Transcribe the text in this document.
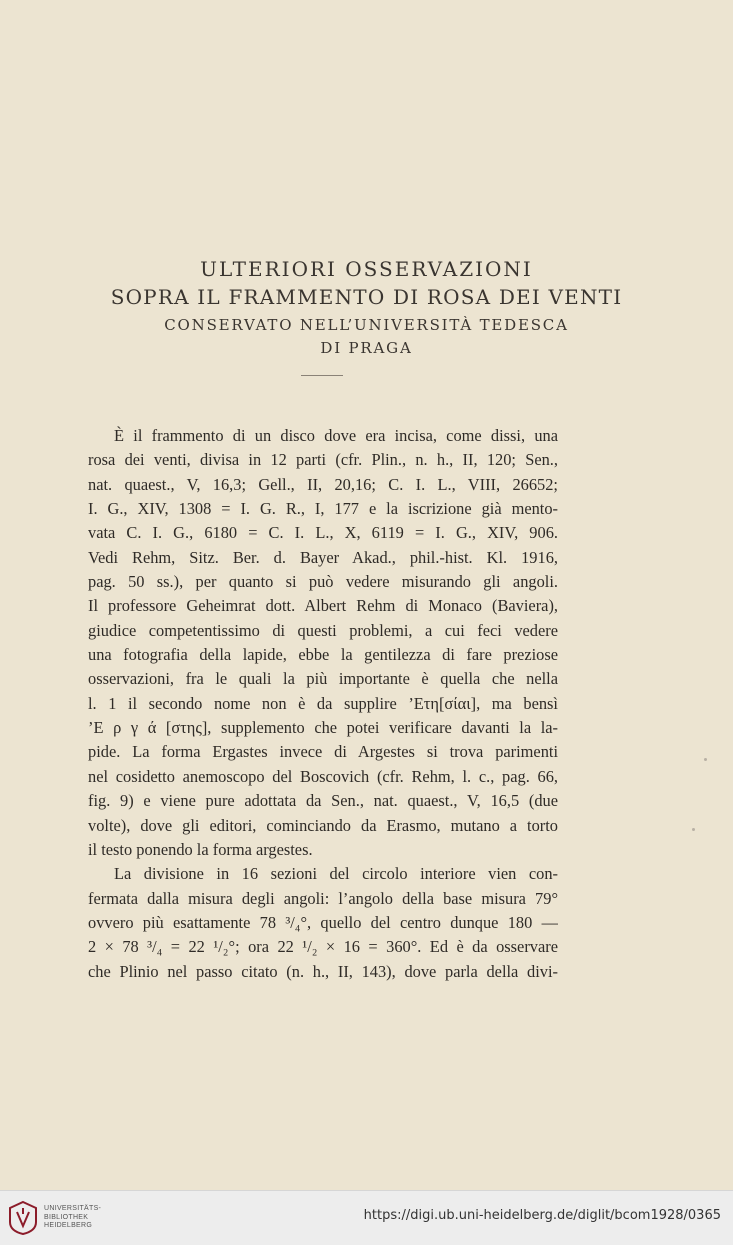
ULTERIORI OSSERVAZIONI
SOPRA IL FRAMMENTO DI ROSA DEI VENTI
CONSERVATO NELL’UNIVERSITÀ TEDESCA
DI PRAGA
È il frammento di un disco dove era incisa, come dissi, una
rosa dei venti, divisa in 12 parti (cfr. Plin., n. h., II, 120; Sen.,
nat. quaest., V, 16,3; Gell., II, 20,16; C. I. L., VIII, 26652;
I. G., XIV, 1308 = I. G. R., I, 177 e la iscrizione già mento-
vata C. I. G., 6180 = C. I. L., X, 6119 = I. G., XIV, 906.
Vedi Rehm, Sitz. Ber. d. Bayer Akad., phil.-hist. Kl. 1916,
pag. 50 ss.), per quanto si può vedere misurando gli angoli.
Il professore Geheimrat dott. Albert Rehm di Monaco (Baviera),
giudice competentissimo di questi problemi, a cui feci vedere
una fotografia della lapide, ebbe la gentilezza di fare preziose
osservazioni, fra le quali la più importante è quella che nella
l. 1 il secondo nome non è da supplire ’Ετη[σίαι], ma bensì
’Ε ρ γ ά [στης], supplemento che potei verificare davanti la la-
pide. La forma Ergastes invece di Argestes si trova parimenti
nel cosidetto anemoscopo del Boscovich (cfr. Rehm, l. c., pag. 66,
fig. 9) e viene pure adottata da Sen., nat. quaest., V, 16,5 (due
volte), dove gli editori, cominciando da Erasmo, mutano a torto
il testo ponendo la forma argestes.
La divisione in 16 sezioni del circolo interiore vien con-
fermata dalla misura degli angoli: l’angolo della base misura 79°
ovvero più esattamente 78 ³/₄°, quello del centro dunque 180 —
2 × 78 ³/₄ = 22 ¹/₂°; ora 22 ¹/₂ × 16 = 360°. Ed è da osservare
che Plinio nel passo citato (n. h., II, 143), dove parla della divi-
UNIVERSITÄTS-
BIBLIOTHEK
HEIDELBERG
https://digi.ub.uni-heidelberg.de/diglit/bcom1928/0365
